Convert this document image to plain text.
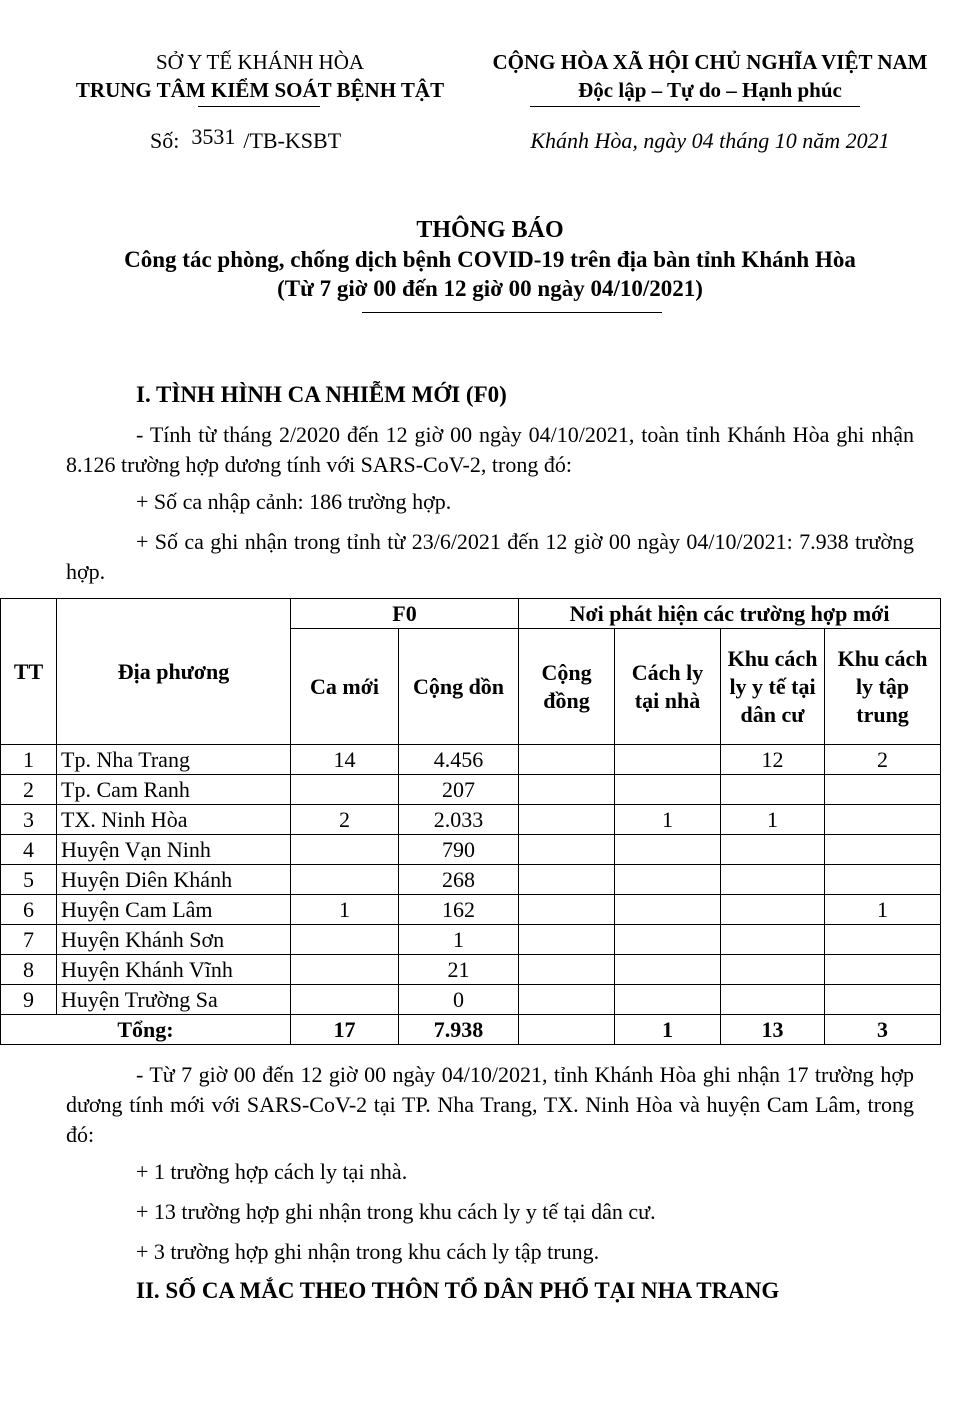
SỞ Y TẾ KHÁNH HÒA
TRUNG TÂM KIỂM SOÁT BỆNH TẬT
CỘNG HÒA XÃ HỘI CHỦ NGHĨA VIỆT NAM
Độc lập – Tự do – Hạnh phúc
Số: 3531 /TB-KSBT	Khánh Hòa, ngày 04 tháng 10 năm 2021
THÔNG BÁO
Công tác phòng, chống dịch bệnh COVID-19 trên địa bàn tỉnh Khánh Hòa
(Từ 7 giờ 00 đến 12 giờ 00 ngày 04/10/2021)
I. TÌNH HÌNH CA NHIỄM MỚI (F0)
- Tính từ tháng 2/2020 đến 12 giờ 00 ngày 04/10/2021, toàn tỉnh Khánh Hòa ghi nhận 8.126 trường hợp dương tính với SARS-CoV-2, trong đó:
+ Số ca nhập cảnh: 186 trường hợp.
+ Số ca ghi nhận trong tỉnh từ 23/6/2021 đến 12 giờ 00 ngày 04/10/2021: 7.938 trường hợp.
TT	Địa phương	F0		Nơi phát hiện các trường hợp mới			
		Ca mới	Cộng dồn	Cộng đồng	Cách ly tại nhà	Khu cách ly y tế tại dân cư	Khu cách ly tập trung
1	Tp. Nha Trang	14	4.456			12	2
2	Tp. Cam Ranh		207				
3	TX. Ninh Hòa	2	2.033		1	1	
4	Huyện Vạn Ninh		790				
5	Huyện Diên Khánh		268				
6	Huyện Cam Lâm	1	162				1
7	Huyện Khánh Sơn		1				
8	Huyện Khánh Vĩnh		21				
9	Huyện Trường Sa		0				
Tổng:		17	7.938		1	13	3
- Từ 7 giờ 00 đến 12 giờ 00 ngày 04/10/2021, tỉnh Khánh Hòa ghi nhận 17 trường hợp dương tính mới với SARS-CoV-2 tại TP. Nha Trang, TX. Ninh Hòa và huyện Cam Lâm, trong đó:
+ 1 trường hợp cách ly tại nhà.
+ 13 trường hợp ghi nhận trong khu cách ly y tế tại dân cư.
+ 3 trường hợp ghi nhận trong khu cách ly tập trung.
II. SỐ CA MẮC THEO THÔN TỔ DÂN PHỐ TẠI NHA TRANG
